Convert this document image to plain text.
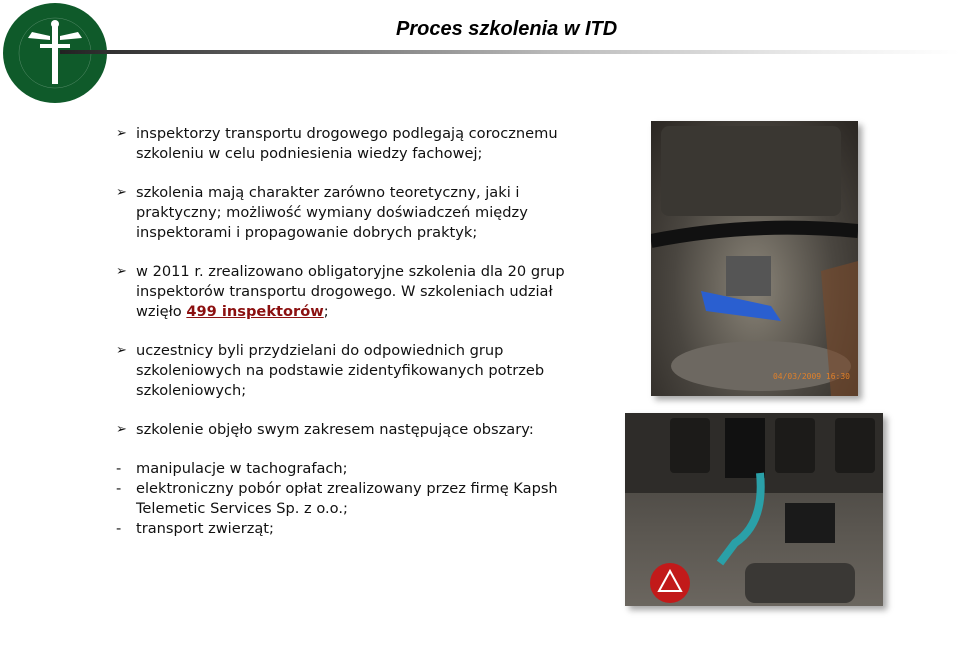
Proces szkolenia w ITD
➢ inspektorzy transportu drogowego podlegają corocznemu szkoleniu w celu podniesienia wiedzy fachowej;
➢ szkolenia mają charakter zarówno teoretyczny, jaki i praktyczny; możliwość wymiany doświadczeń między inspektorami i propagowanie dobrych praktyk;
➢ w 2011 r. zrealizowano obligatoryjne szkolenia dla 20 grup inspektorów transportu drogowego. W szkoleniach udział wzięło 499 inspektorów;
➢ uczestnicy byli przydzielani do odpowiednich grup szkoleniowych na podstawie zidentyfikowanych potrzeb szkoleniowych;
➢ szkolenie objęło swym zakresem następujące obszary:
- manipulacje w tachografach;
- elektroniczny pobór opłat zrealizowany przez firmę Kapsh Telemetic Services Sp. z o.o.;
- transport zwierząt;
04/03/2009 16:30
